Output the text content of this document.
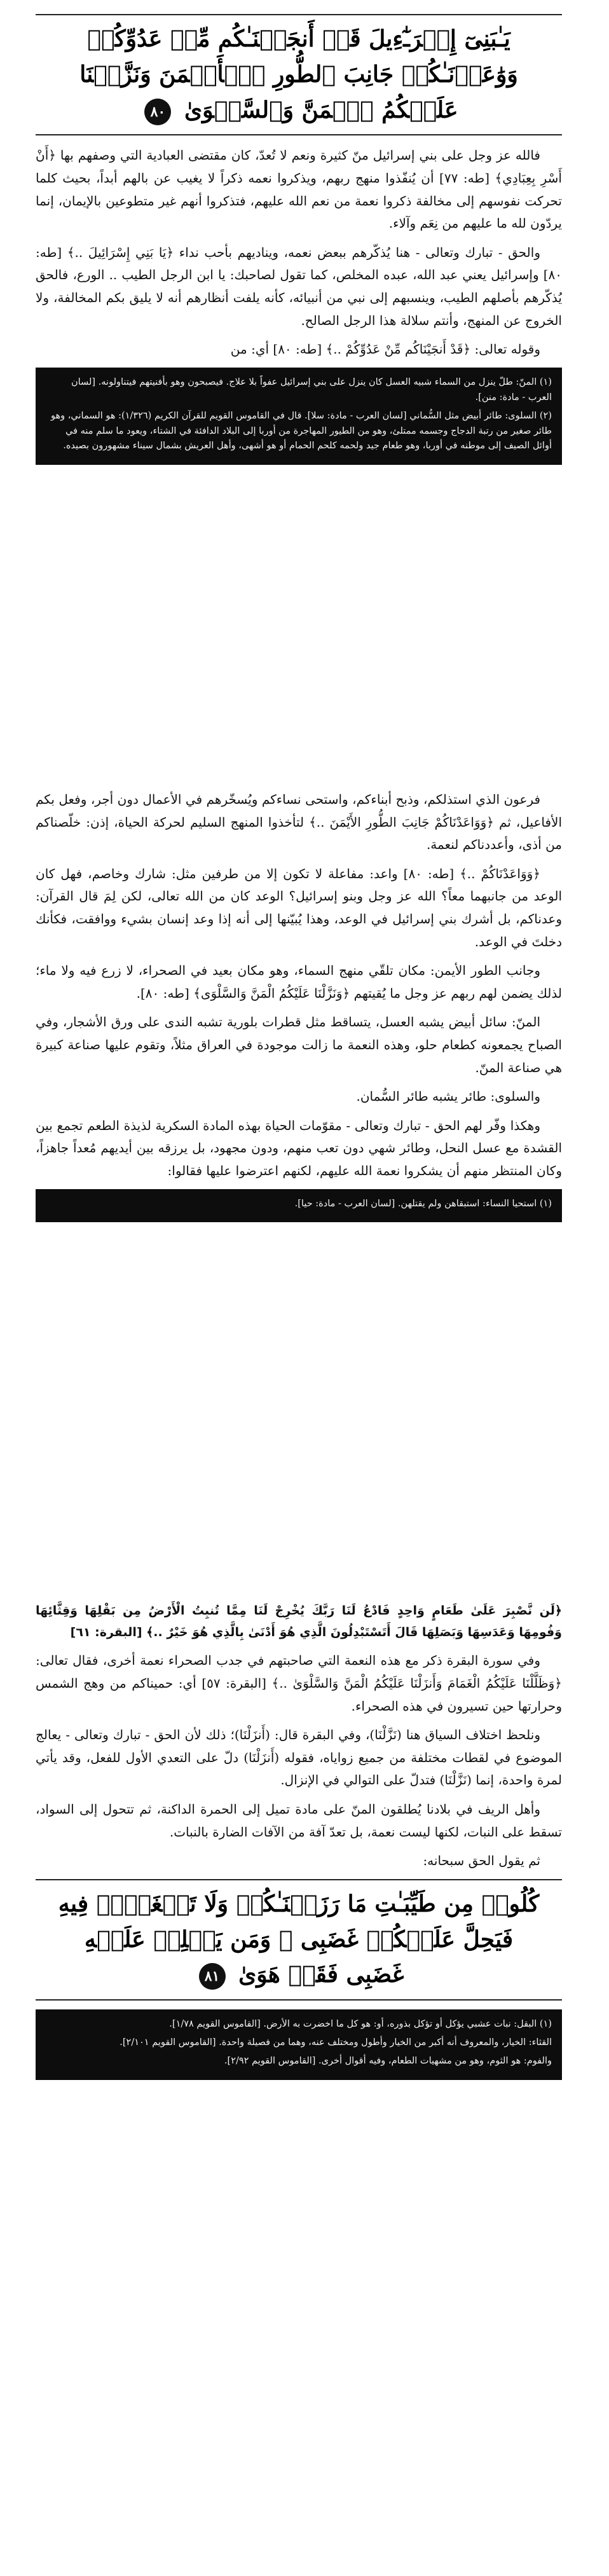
يَـٰبَنِىٓ إِسۡرَـٰٓءِيلَ قَدۡ أَنجَيۡنَـٰكُم مِّنۡ عَدُوِّكُمۡ وَوَٰعَدۡنَـٰكُمۡ جَانِبَ ٱلطُّورِ ٱلۡأَيۡمَنَ وَنَزَّلۡنَا عَلَيۡكُمُ ٱلۡمَنَّ وَٱلسَّلۡوَىٰ ٨٠

فالله عز وجل على بني إسرائيل منّ كثيرة ونعم لا تُعدّ، كان مقتضى العبادية التي وصفهم بها ﴿أَنْ أَسْرِ بِعِبَادِي﴾ [طه: ٧٧] أن يُنفّذوا منهج ربهم، ويذكروا نعمه ذكراً لا يغيب عن بالهم أبداً، بحيث كلما تحركت نفوسهم إلى مخالفة ذكروا نعمة من نعم الله عليهم، فتذكروا أنهم غير متطوعين بالإيمان، إنما يردّون لله ما عليهم من نِعَم وآلاء.

والحق - تبارك وتعالى - هنا يُذكّرهم ببعض نعمه، ويناديهم بأحب نداء ﴿يَا بَنِي إِسْرَائِيلَ ..﴾ [طه: ٨٠] وإسرائيل يعني عبد الله، عبده المخلص، كما تقول لصاحبك: يا ابن الرجل الطيب .. الورع، فالحق يُذكّرهم بأصلهم الطيب، وينسبهم إلى نبي من أنبيائه، كأنه يلفت أنظارهم أنه لا يليق بكم المخالفة، ولا الخروج عن المنهج، وأنتم سلالة هذا الرجل الصالح.

وقوله تعالى: ﴿قَدْ أَنجَيْنَاكُم مِّنْ عَدُوِّكُمْ ..﴾ [طه: ٨٠] أي: من

(١) المنّ: طلّ ينزل من السماء شبيه العسل كان ينزل على بني إسرائيل عفواً بلا علاج. فيصبحون وهو بأفنيتهم فيتناولونه. [لسان العرب - مادة: منن].

(٢) السلوى: طائر أبيض مثل السُّماني [لسان العرب - مادة: سلا]. قال في القاموس القويم للقرآن الكريم (١/٣٢٦): هو السماني، وهو طائر صغير من رتبة الدجاج وجسمه ممتلئ، وهو من الطيور المهاجرة من أوربا إلى البلاد الدافئة في الشتاء، ويعود ما سلم منه في أوائل الصيف إلى موطنه في أوربا، وهو طعام جيد ولحمه كلحم الحمام أو هو أشهى، وأهل العريش بشمال سيناء مشهورون بصيده.

فرعون الذي استذلكم، وذبح أبناءكم، واستحى نساءكم ويُسخّرهم في الأعمال دون أجر، وفعل بكم الأفاعيل، ثم ﴿وَوَاعَدْنَاكُمْ جَانِبَ الطُّورِ الأَيْمَنَ ..﴾ لتأخذوا المنهج السليم لحركة الحياة، إذن: خلّصناكم من أذى، وأعددناكم لنعمة.

﴿وَوَاعَدْنَاكُمْ ..﴾ [طه: ٨٠] واعد: مفاعلة لا تكون إلا من طرفين مثل: شارك وخاصم، فهل كان الوعد من جانبهما معاً؟ الله عز وجل وبنو إسرائيل؟ الوعد كان من الله تعالى، لكن لِمَ قال القرآن: وعدناكم، بل أشرك بني إسرائيل في الوعد، وهذا يُبيّنها إلى أنه إذا وعد إنسان بشيء ووافقت، فكأنك دخلتَ في الوعد.

وجانب الطور الأيمن: مكان تلقّي منهج السماء، وهو مكان بعيد في الصحراء، لا زرع فيه ولا ماء؛ لذلك يضمن لهم ربهم عز وجل ما يُقيتهم ﴿وَنَزَّلْنَا عَلَيْكُمُ الْمَنَّ وَالسَّلْوَى﴾ [طه: ٨٠].

المنّ: سائل أبيض يشبه العسل، يتساقط مثل قطرات بلورية تشبه الندى على ورق الأشجار، وفي الصباح يجمعونه كطعام حلو، وهذه النعمة ما زالت موجودة في العراق مثلاً، وتقوم عليها صناعة كبيرة هي صناعة المنّ.

والسلوى: طائر يشبه طائر السُّمان.

وهكذا وفّر لهم الحق - تبارك وتعالى - مقوّمات الحياة بهذه المادة السكرية لذيذة الطعم تجمع بين القشدة مع عسل النحل، وطائر شهي دون تعب منهم، ودون مجهود، بل يرزقه بين أيديهم مُعداً جاهزاً، وكان المنتظر منهم أن يشكروا نعمة الله عليهم، لكنهم اعترضوا عليها فقالوا:

(١) استحيا النساء: استبقاهن ولم يقتلهن. [لسان العرب - مادة: حيا].

﴿لَن نَّصْبِرَ عَلَىٰ طَعَامٍ وَاحِدٍ فَادْعُ لَنَا رَبَّكَ يُخْرِجْ لَنَا مِمَّا تُنبِتُ الْأَرْضُ مِن بَقْلِهَا وَقِثَّائِهَا وَفُومِهَا وَعَدَسِهَا وَبَصَلِهَا قَالَ أَتَسْتَبْدِلُونَ الَّذِي هُوَ أَدْنَىٰ بِالَّذِي هُوَ خَيْرٌ ..﴾ [البقرة: ٦١]

وفي سورة البقرة ذكر مع هذه النعمة التي صاحبتهم في جدب الصحراء نعمة أخرى، فقال تعالى: ﴿وَظَلَّلْنَا عَلَيْكُمُ الْغَمَامَ وَأَنزَلْنَا عَلَيْكُمُ الْمَنَّ وَالسَّلْوَىٰ ..﴾ [البقرة: ٥٧] أي: حميناكم من وهج الشمس وحرارتها حين تسيرون في هذه الصحراء.

ونلحظ اختلاف السياق هنا (نَزَّلْنَا)، وفي البقرة قال: (أَنزَلْنَا)؛ ذلك لأن الحق - تبارك وتعالى - يعالج الموضوع في لقطات مختلفة من جميع زواياه، فقوله (أَنزَلْنَا) دلّ على التعدي الأول للفعل، وقد يأتي لمرة واحدة، إنما (نَزَّلْنَا) فتدلّ على التوالي في الإنزال.

وأهل الريف في بلادنا يُطلقون المنّ على مادة تميل إلى الحمرة الداكنة، ثم تتحول إلى السواد، تسقط على النبات، لكنها ليست نعمة، بل تعدّ آفة من الآفات الضارة بالنبات.

ثم يقول الحق سبحانه:

كُلُوا۟ مِن طَيِّبَـٰتِ مَا رَزَقۡنَـٰكُمۡ وَلَا تَطۡغَوۡا۟ فِيهِ فَيَحِلَّ عَلَيۡكُمۡ غَضَبِى ۖ وَمَن يَحۡلِلۡ عَلَيۡهِ غَضَبِى فَقَدۡ هَوَىٰ ٨١

(١) البقل: نبات عشبي يؤكل أو تؤكل بذوره، أو: هو كل ما اخضرت به الأرض. [القاموس القويم ١/٧٨].

القثاء: الخيار، والمعروف أنه أكبر من الخيار وأطول ومختلف عنه، وهما من فصيلة واحدة. [القاموس القويم ٢/١٠١].

والفوم: هو الثوم، وهو من مشهيات الطعام، وفيه أقوال أخرى. [القاموس القويم ٢/٩٢].
